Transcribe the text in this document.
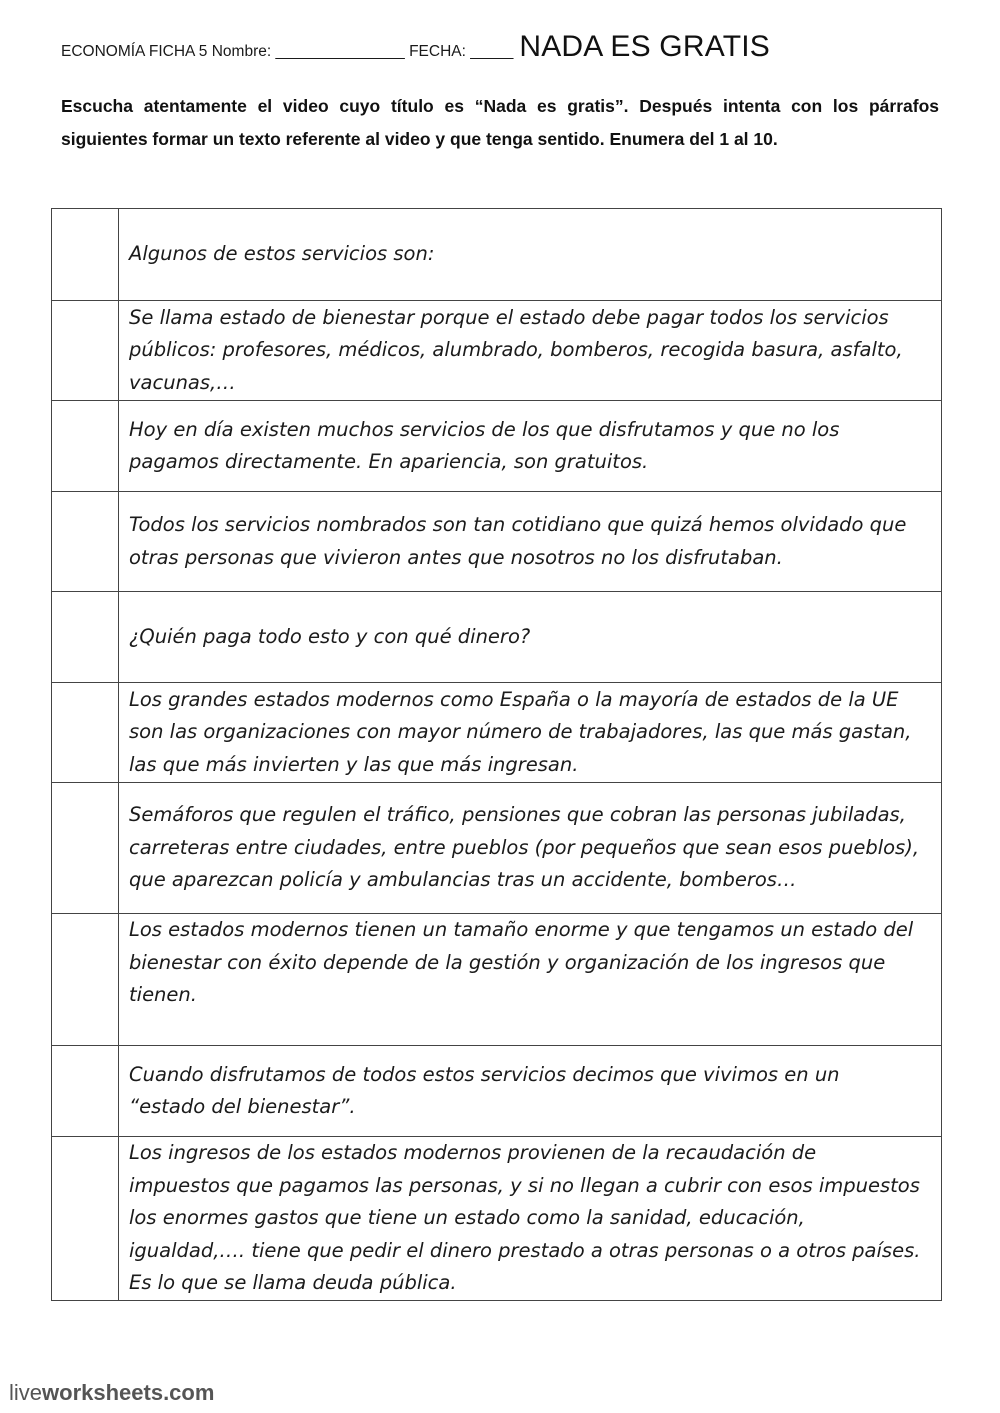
ECONOMÍA FICHA 5 Nombre: _______________ FECHA: _____ NADA ES GRATIS

Escucha atentamente el video cuyo título es “Nada es gratis”. Después intenta con los párrafos siguientes formar un texto referente al video y que tenga sentido. Enumera del 1 al 10.

	Algunos de estos servicios son:
	Se llama estado de bienestar porque el estado debe pagar todos los servicios públicos: profesores, médicos, alumbrado, bomberos, recogida basura, asfalto, vacunas,…
	Hoy en día existen muchos servicios de los que disfrutamos y que no los pagamos directamente. En apariencia, son gratuitos.
	Todos los servicios nombrados son tan cotidiano que quizá hemos olvidado que otras personas que vivieron antes que nosotros no los disfrutaban.
	¿Quién paga todo esto y con qué dinero?
	Los grandes estados modernos como España o la mayoría de estados de la UE son las organizaciones con mayor número de trabajadores, las que más gastan, las que más invierten y las que más ingresan.
	Semáforos que regulen el tráfico, pensiones que cobran las personas jubiladas, carreteras entre ciudades, entre pueblos (por pequeños que sean esos pueblos), que aparezcan policía y ambulancias tras un accidente, bomberos…
	Los estados modernos tienen un tamaño enorme y que tengamos un estado del bienestar con éxito depende de la gestión y organización de los ingresos que tienen.
	Cuando disfrutamos de todos estos servicios decimos que vivimos en un “estado del bienestar”.
	Los ingresos de los estados modernos provienen de la recaudación de impuestos que pagamos las personas, y si no llegan a cubrir con esos impuestos los enormes gastos que tiene un estado como la sanidad, educación, igualdad,…. tiene que pedir el dinero prestado a otras personas o a otros países. Es lo que se llama deuda pública.
liveworksheets.com
